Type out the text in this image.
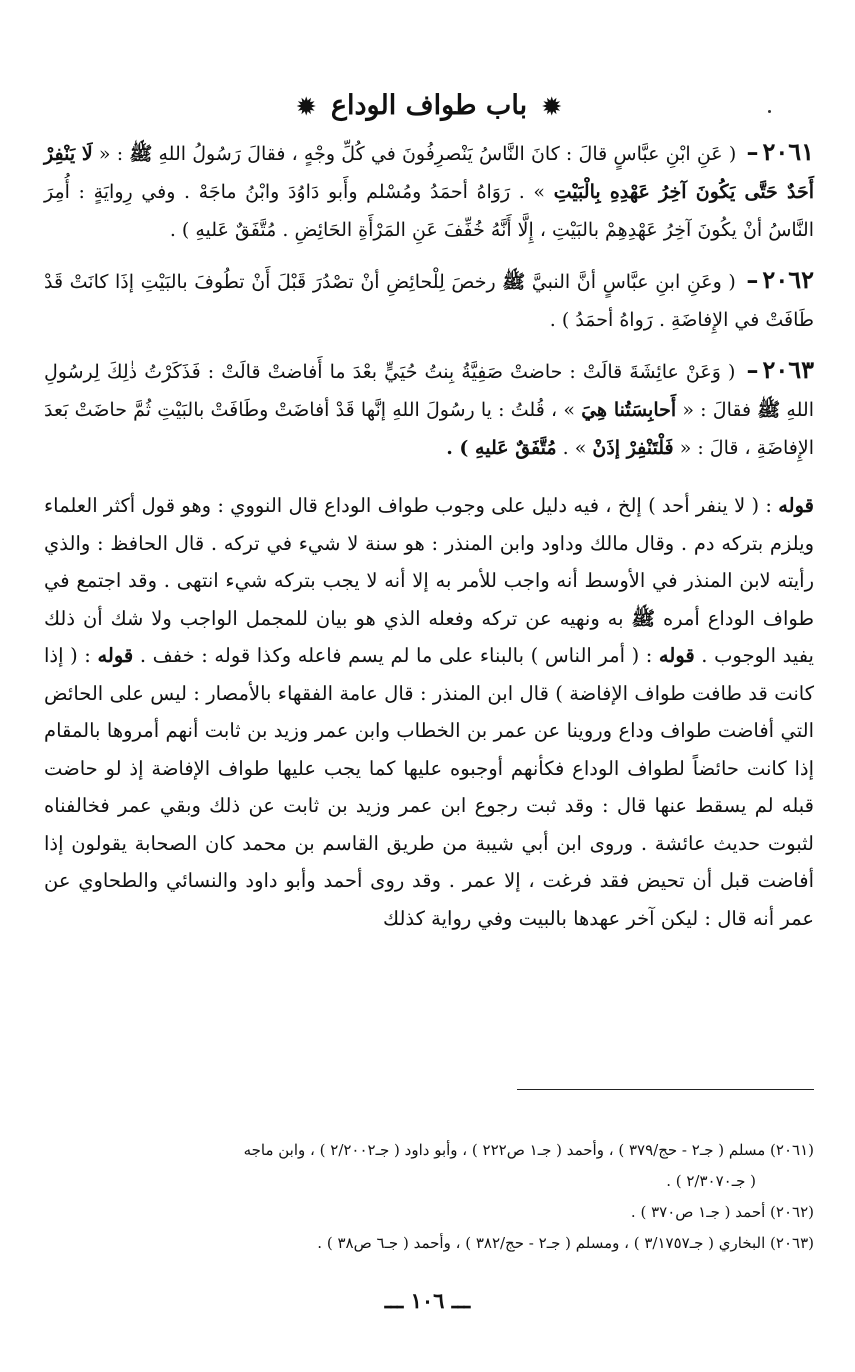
✹ باب طواف الوداع ✹

٢٠٦١– ( عَنِ ابْنِ عبَّاسٍ قالَ : كانَ النَّاسُ يَنْصرِفُونَ في كُلِّ وجْهٍ ، فقالَ رَسُولُ اللهِ ﷺ : « لَا يَنْفِرْ أَحَدٌ حَتَّى يَكُونَ آخِرُ عَهْدِهِ بِالْبَيْتِ » . رَوَاهُ أحمَدُ ومُسْلم وأَبو دَاوُدَ وابْنُ ماجَهْ . وفي رِوايَةٍ : أُمِرَ النَّاسُ أنْ يكُونَ آخِرُ عَهْدِهِمْ بالبَيْتِ ، إِلَّا أَنَّهُ خُفِّفَ عَنِ المَرْأَةِ الحَائِضِ . مُتَّفَقٌ عَليهِ ) .

٢٠٦٢– ( وعَنِ ابنِ عبَّاسٍ أنَّ النبيَّ ﷺ رخصَ لِلْحائِضِ أنْ تصْدُرَ قَبْلَ أَنْ تطُوفَ بالبَيْتِ إذَا كانَتْ قَدْ طَافَتْ في الإِفاضَةِ . رَواهُ أحمَدُ ) .

٢٠٦٣– ( وَعَنْ عائِشَةَ قالَتْ : حاضتْ صَفِيَّةُ بِنتُ حُيَيٍّ بعْدَ ما أَفاضتْ قالَتْ : فَذَكَرْتُ ذٰلِكَ لِرسُولِ اللهِ ﷺ فقالَ : « أَحابِسَتُنا هِيَ » ، قُلتُ : يا رسُولَ اللهِ إنَّها قَدْ أفاضَتْ وطَافَتْ بالبَيْتِ ثُمَّ حاضَتْ بَعدَ الإِفاضَةِ ، قالَ : « فَلْتَنْفِرْ إذَنْ » . مُتَّفَقٌ عَليهِ ) .

قوله : ( لا ينفر أحد ) إلخ ، فيه دليل على وجوب طواف الوداع قال النووي : وهو قول أكثر العلماء ويلزم بتركه دم . وقال مالك وداود وابن المنذر : هو سنة لا شيء في تركه . قال الحافظ : والذي رأيته لابن المنذر في الأوسط أنه واجب للأمر به إلا أنه لا يجب بتركه شيء انتهى . وقد اجتمع في طواف الوداع أمره ﷺ به ونهيه عن تركه وفعله الذي هو بيان للمجمل الواجب ولا شك أن ذلك يفيد الوجوب . قوله : ( أمر الناس ) بالبناء على ما لم يسم فاعله وكذا قوله : خفف . قوله : ( إذا كانت قد طافت طواف الإفاضة ) قال ابن المنذر : قال عامة الفقهاء بالأمصار : ليس على الحائض التي أفاضت طواف وداع وروينا عن عمر بن الخطاب وابن عمر وزيد بن ثابت أنهم أمروها بالمقام إذا كانت حائضاً لطواف الوداع فكأنهم أوجبوه عليها كما يجب عليها طواف الإفاضة إذ لو حاضت قبله لم يسقط عنها قال : وقد ثبت رجوع ابن عمر وزيد بن ثابت عن ذلك وبقي عمر فخالفناه لثبوت حديث عائشة . وروى ابن أبي شيبة من طريق القاسم بن محمد كان الصحابة يقولون إذا أفاضت قبل أن تحيض فقد فرغت ، إلا عمر . وقد روى أحمد وأبو داود والنسائي والطحاوي عن عمر أنه قال : ليكن آخر عهدها بالبيت وفي رواية كذلك

(٢٠٦١) مسلم ( جـ٢ - حج/٣٧٩ ) ، وأحمد ( جـ١ ص٢٢٢ ) ، وأبو داود ( جـ٢/٢٠٠٢ ) ، وابن ماجه

( جـ٢/٣٠٧٠ ) .

(٢٠٦٢) أحمد ( جـ١ ص٣٧٠ ) .

(٢٠٦٣) البخاري ( جـ٣/١٧٥٧ ) ، ومسلم ( جـ٢ - حج/٣٨٢ ) ، وأحمد ( جـ٦ ص٣٨ ) .

ـــ ١٠٦ ـــ
